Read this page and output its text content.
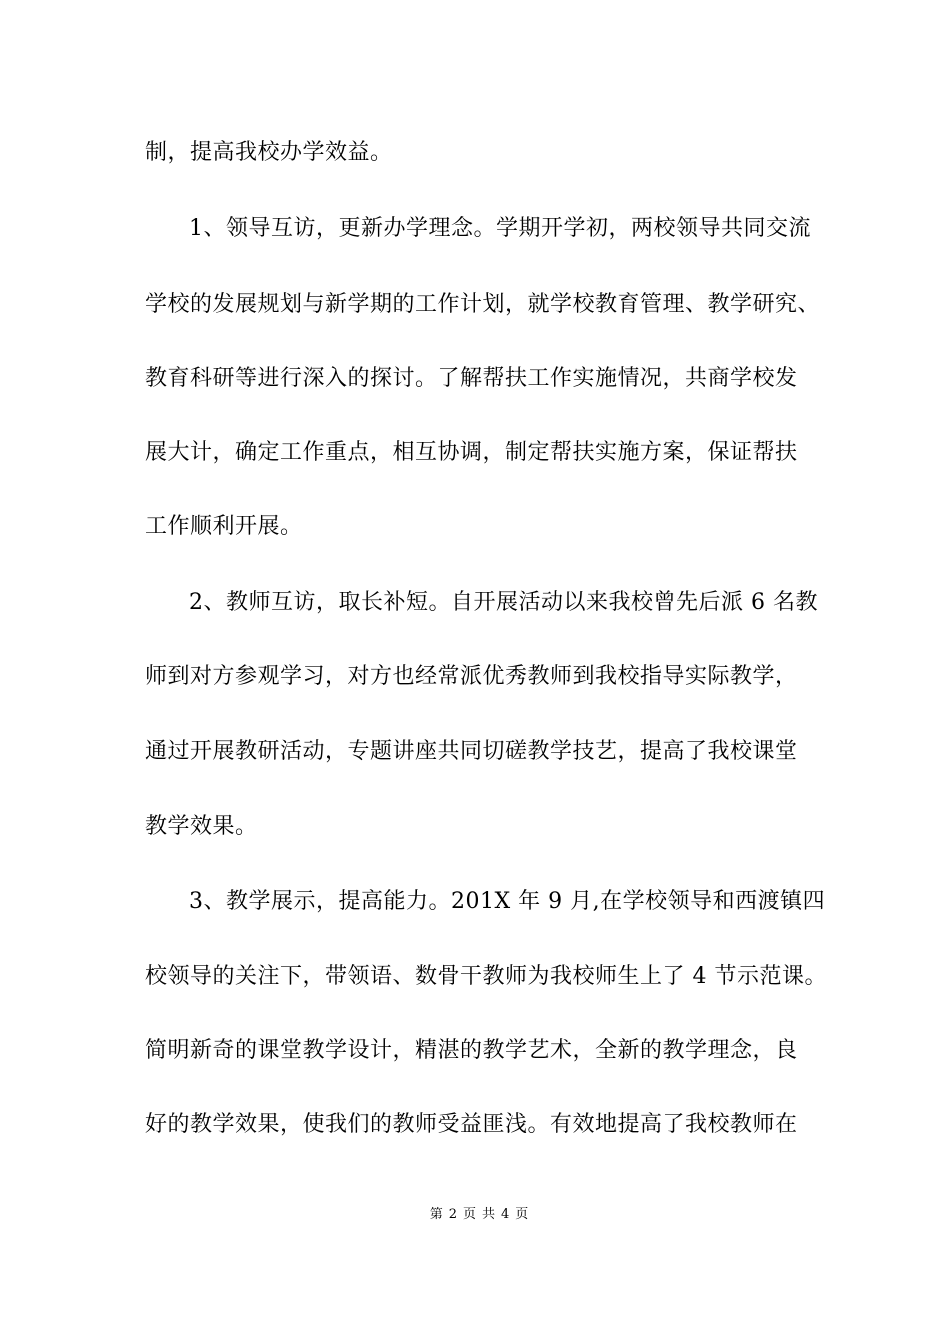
制，提高我校办学效益。
1、领导互访，更新办学理念。学期开学初，两校领导共同交流
学校的发展规划与新学期的工作计划，就学校教育管理、教学研究、
教育科研等进行深入的探讨。了解帮扶工作实施情况，共商学校发
展大计，确定工作重点，相互协调，制定帮扶实施方案，保证帮扶
工作顺利开展。
2、教师互访，取长补短。自开展活动以来我校曾先后派 6 名教
师到对方参观学习，对方也经常派优秀教师到我校指导实际教学，
通过开展教研活动，专题讲座共同切磋教学技艺，提高了我校课堂
教学效果。
3、教学展示，提高能力。201X 年 9 月,在学校领导和西渡镇四
校领导的关注下，带领语、数骨干教师为我校师生上了 4 节示范课。
简明新奇的课堂教学设计，精湛的教学艺术，全新的教学理念，良
好的教学效果，使我们的教师受益匪浅。有效地提高了我校教师在
第 2 页 共 4 页
